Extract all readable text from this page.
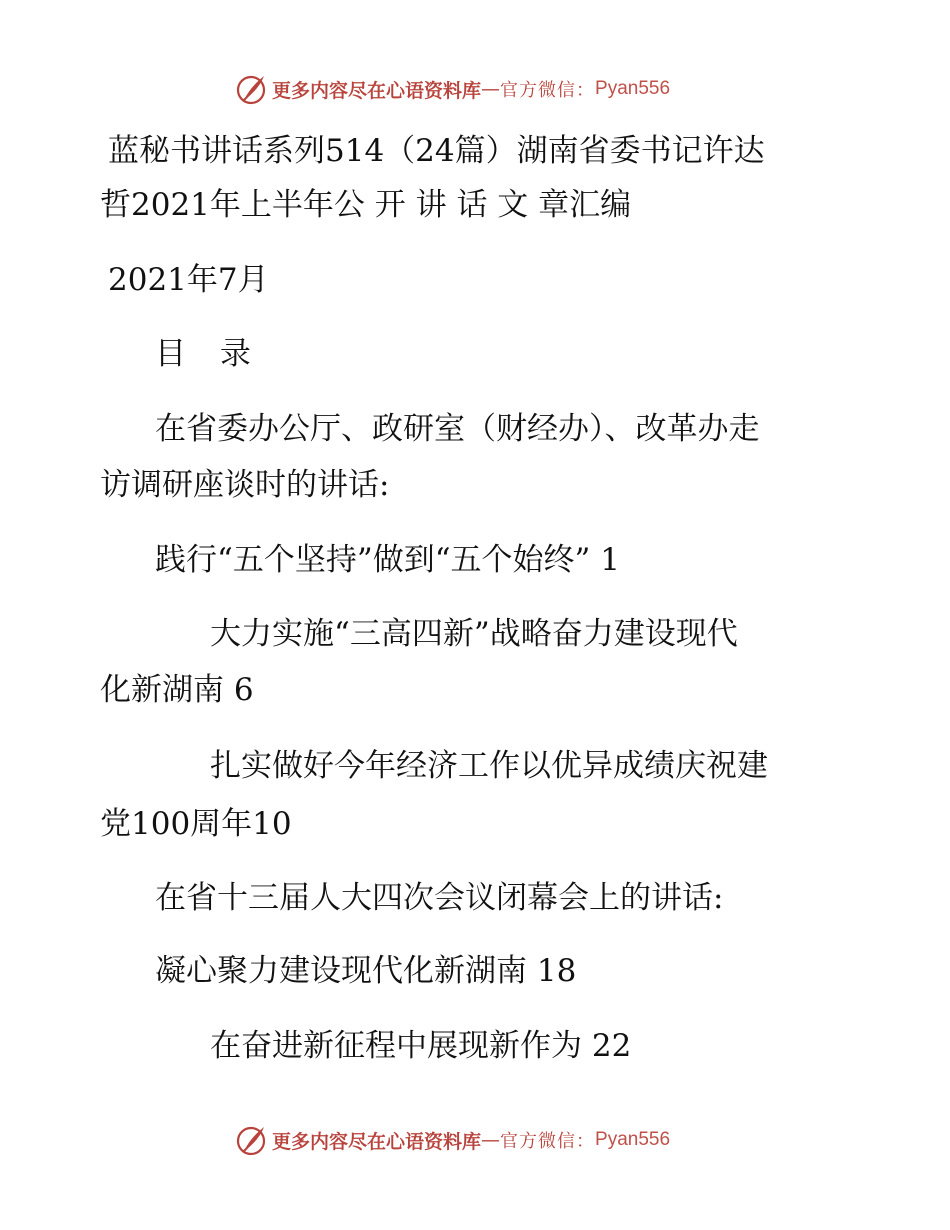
更多内容尽在心语资料库 — 官方微信： Pyan556
蓝秘书讲话系列514（24篇）湖南省委书记许达
哲2021年上半年公 开 讲 话 文 章汇编
2021年7月
目 录
在省委办公厅、政研室（财经办）、改革办走
访调研座谈时的讲话:
践行“五个坚持”做到“五个始终” 1
大力实施“三高四新”战略奋力建设现代
化新湖南 6
扎实做好今年经济工作以优异成绩庆祝建
党100周年10
在省十三届人大四次会议闭幕会上的讲话:
凝心聚力建设现代化新湖南 18
在奋进新征程中展现新作为 22
更多内容尽在心语资料库 — 官方微信： Pyan556
